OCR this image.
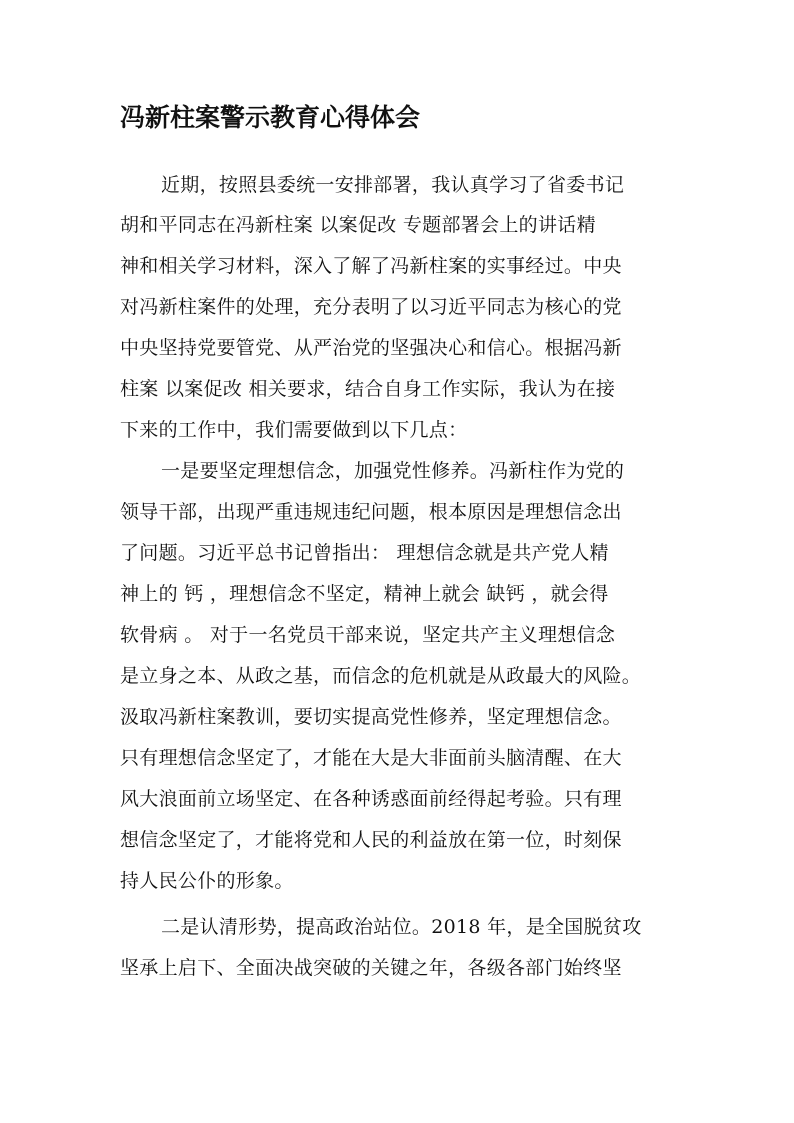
冯新柱案警示教育心得体会
近期，按照县委统一安排部署，我认真学习了省委书记
胡和平同志在冯新柱案 以案促改 专题部署会上的讲话精
神和相关学习材料，深入了解了冯新柱案的实事经过。中央
对冯新柱案件的处理，充分表明了以习近平同志为核心的党
中央坚持党要管党、从严治党的坚强决心和信心。根据冯新
柱案 以案促改 相关要求，结合自身工作实际，我认为在接
下来的工作中，我们需要做到以下几点：
一是要坚定理想信念，加强党性修养。冯新柱作为党的
领导干部，出现严重违规违纪问题，根本原因是理想信念出
了问题。习近平总书记曾指出： 理想信念就是共产党人精
神上的 钙 ，理想信念不坚定，精神上就会 缺钙 ，就会得
软骨病 。 对于一名党员干部来说，坚定共产主义理想信念
是立身之本、从政之基，而信念的危机就是从政最大的风险。
汲取冯新柱案教训，要切实提高党性修养，坚定理想信念。
只有理想信念坚定了，才能在大是大非面前头脑清醒、在大
风大浪面前立场坚定、在各种诱惑面前经得起考验。只有理
想信念坚定了，才能将党和人民的利益放在第一位，时刻保
持人民公仆的形象。
二是认清形势，提高政治站位。2018 年，是全国脱贫攻
坚承上启下、全面决战突破的关键之年，各级各部门始终坚
